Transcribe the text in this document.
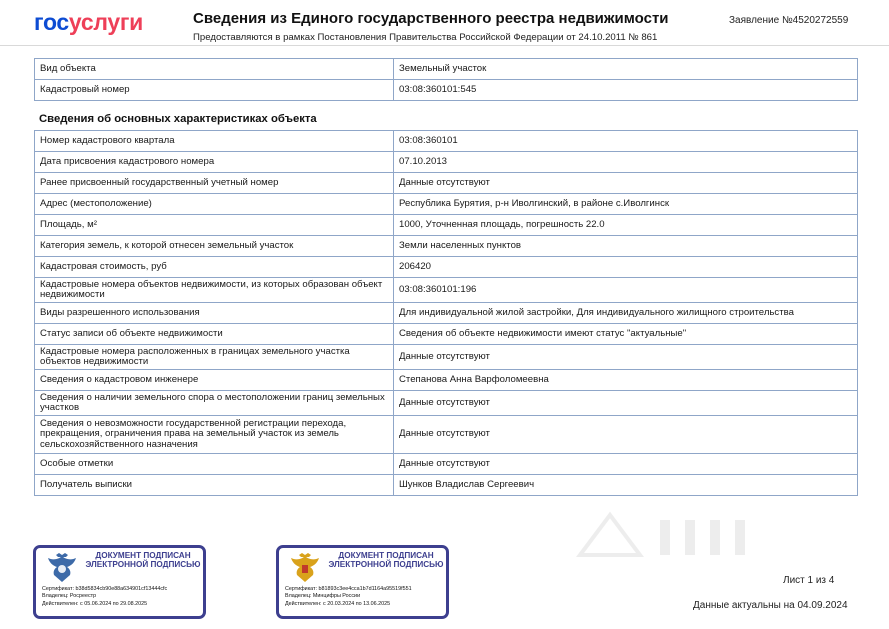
госуслуги	Сведения из Единого государственного реестра недвижимости
Предоставляются в рамках Постановления Правительства Российской Федерации от 24.10.2011 № 861
Заявление №4520272559
Вид объекта	Земельный участок
Кадастровый номер	03:08:360101:545
Сведения об основных характеристиках объекта
Номер кадастрового квартала	03:08:360101
Дата присвоения кадастрового номера	07.10.2013
Ранее присвоенный государственный учетный номер	Данные отсутствуют
Адрес (местоположение)	Республика Бурятия, р-н Иволгинский, в районе с.Иволгинск
Площадь, м²	1000, Уточненная площадь, погрешность 22.0
Категория земель, к которой отнесен земельный участок	Земли населенных пунктов
Кадастровая стоимость, руб	206420
Кадастровые номера объектов недвижимости, из которых образован объект недвижимости	03:08:360101:196
Виды разрешенного использования	Для индивидуальной жилой застройки, Для индивидуального жилищного строительства
Статус записи об объекте недвижимости	Сведения об объекте недвижимости имеют статус "актуальные"
Кадастровые номера расположенных в границах земельного участка объектов недвижимости	Данные отсутствуют
Сведения о кадастровом инженере	Степанова Анна Варфоломеевна
Сведения о наличии земельного спора о местоположении границ земельных участков	Данные отсутствуют
Сведения о невозможности государственной регистрации перехода, прекращения, ограничения права на земельный участок из земель сельскохозяйственного назначения	Данные отсутствуют
Особые отметки	Данные отсутствуют
Получатель выписки	Шунков Владислав Сергеевич
ДОКУМЕНТ ПОДПИСАН ЭЛЕКТРОННОЙ ПОДПИСЬЮ
Сертификат: b38d5834cb90e88a634901cf13444cfc
Владелец: Росреестр
Действителен: с 05.06.2024 по 29.08.2025
ДОКУМЕНТ ПОДПИСАН ЭЛЕКТРОННОЙ ПОДПИСЬЮ
Сертификат: b81893c3ee4cca1b7d1164a95519f551
Владелец: Минцифры России
Действителен: с 20.03.2024 по 13.06.2025
Лист 1 из 4
Данные актуальны на 04.09.2024
